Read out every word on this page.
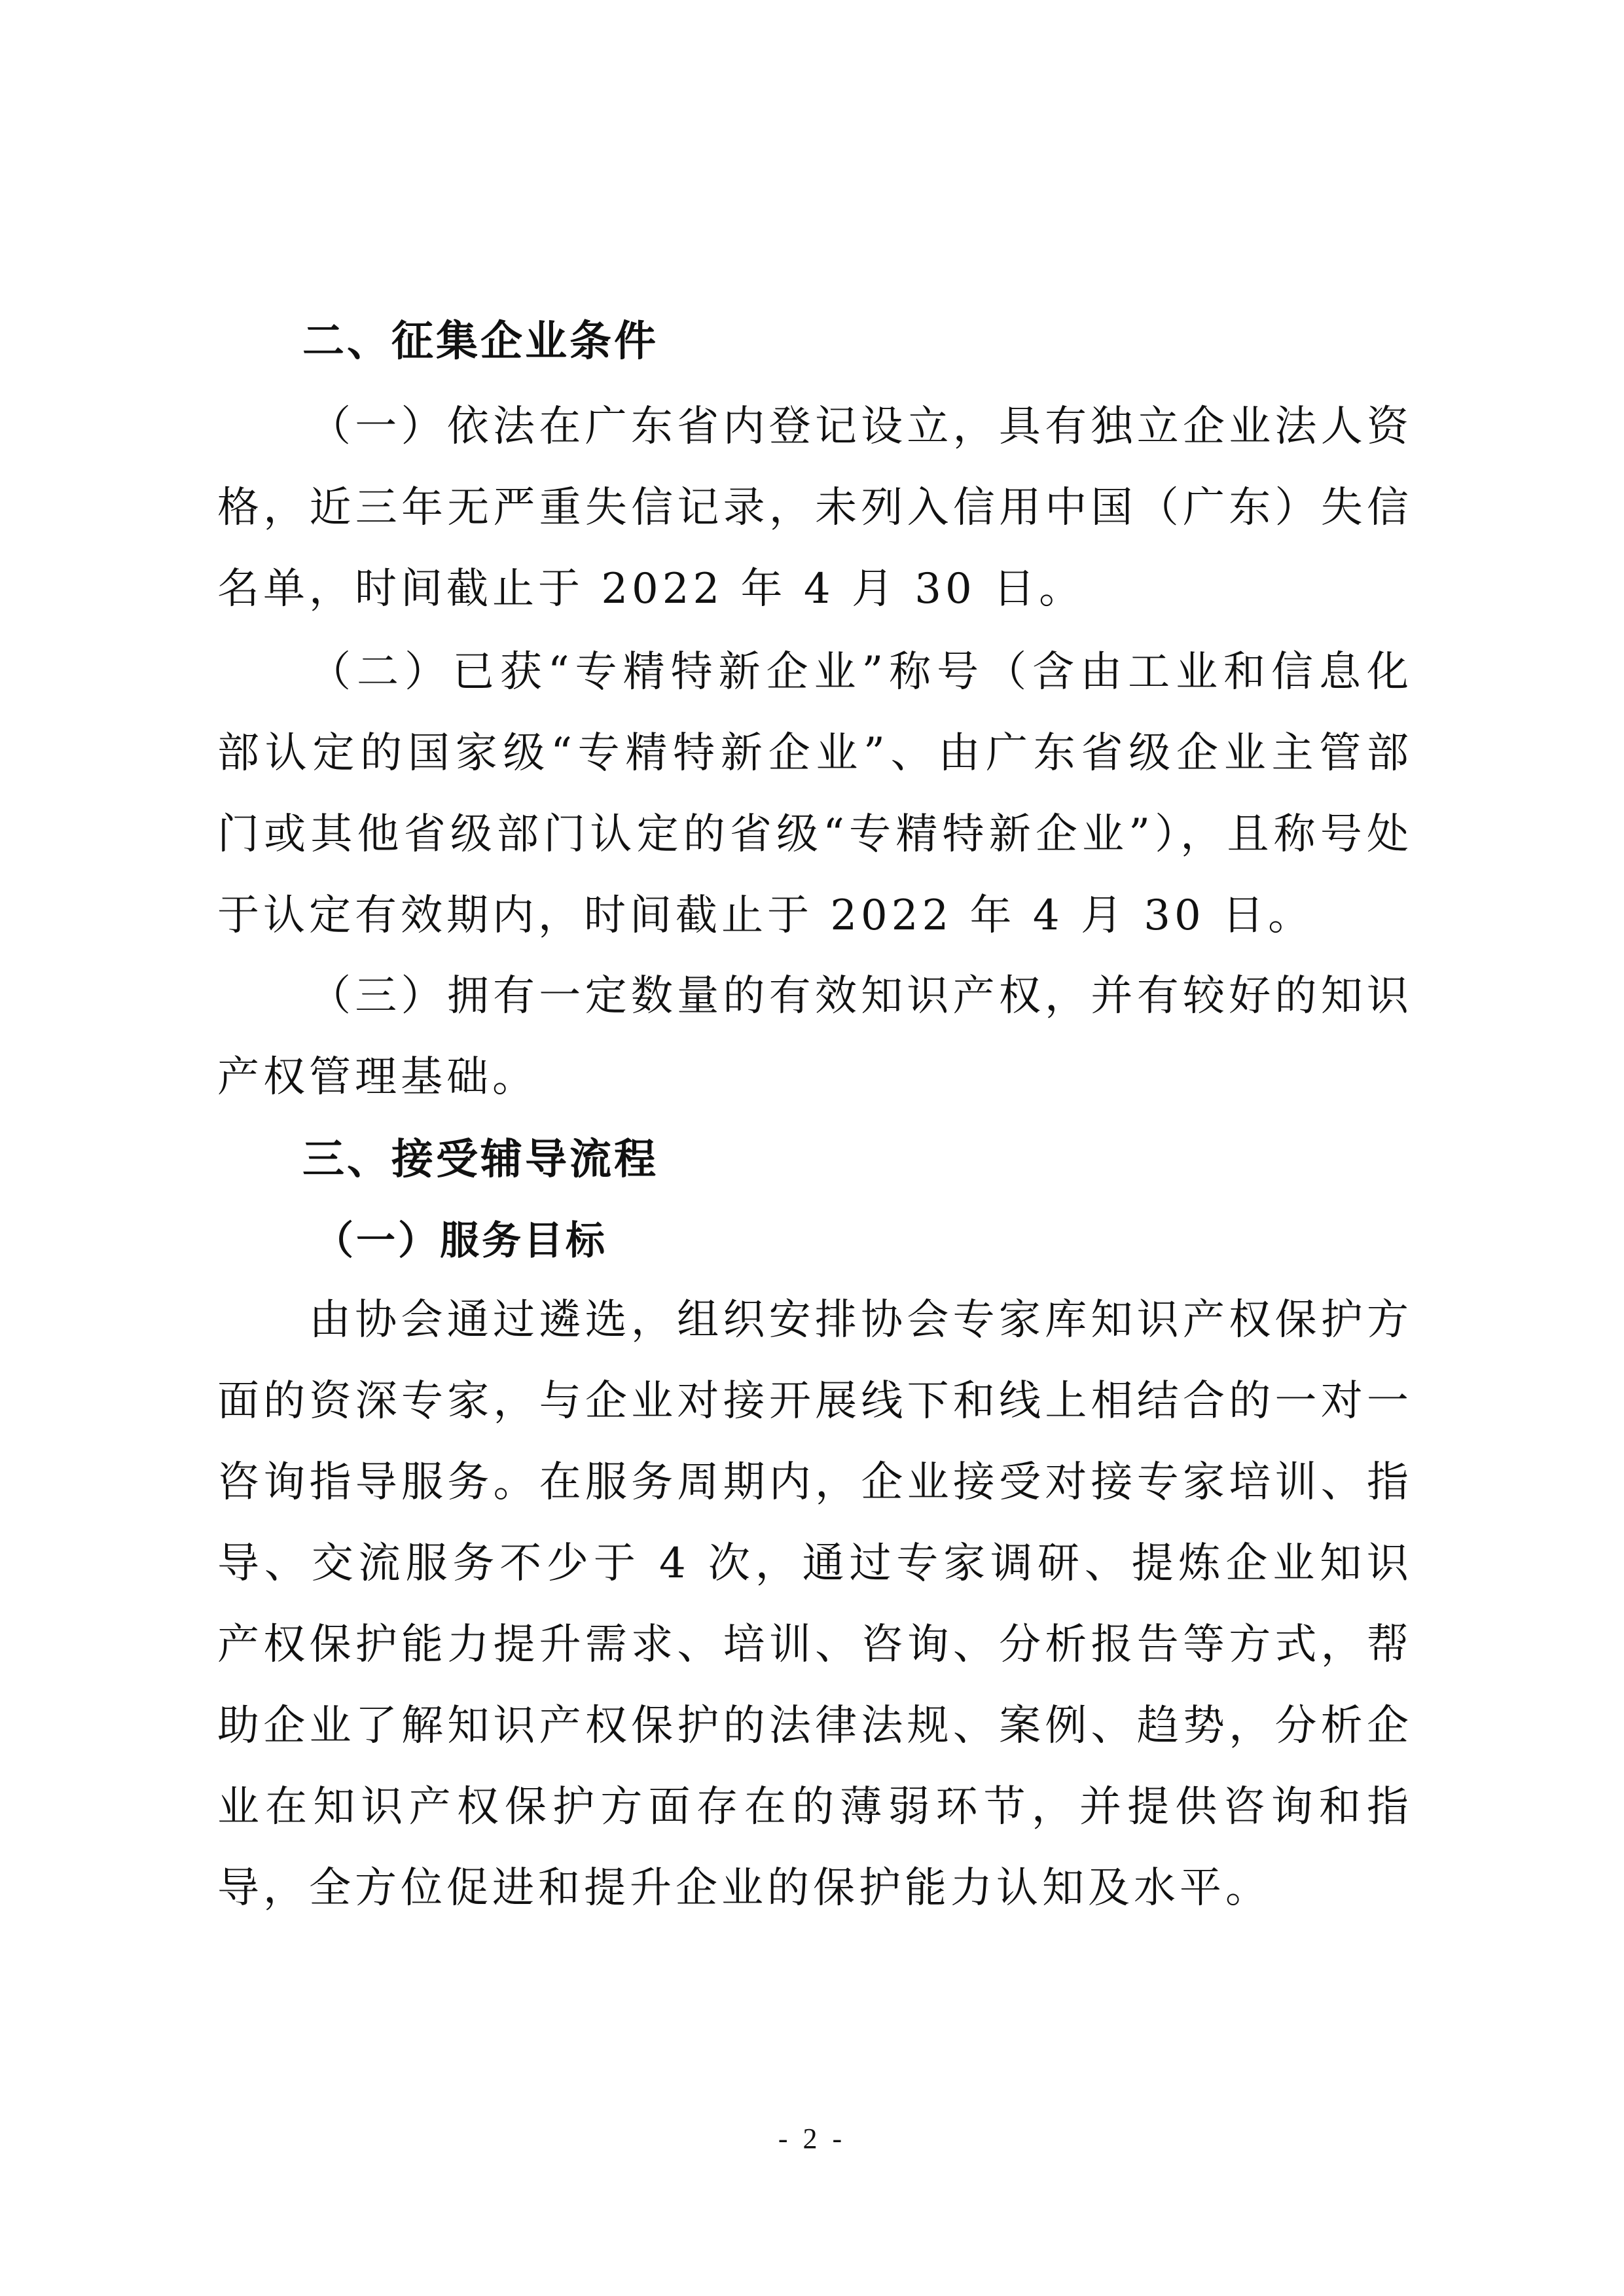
二、征集企业条件

（一）依法在广东省内登记设立，具有独立企业法人资格，近三年无严重失信记录，未列入信用中国（广东）失信名单，时间截止于 2022 年 4 月 30 日。

（二）已获“专精特新企业”称号（含由工业和信息化部认定的国家级“专精特新企业”、由广东省级企业主管部门或其他省级部门认定的省级“专精特新企业”），且称号处于认定有效期内，时间截止于 2022 年 4 月 30 日。

（三）拥有一定数量的有效知识产权，并有较好的知识产权管理基础。

三、接受辅导流程
（一）服务目标

由协会通过遴选，组织安排协会专家库知识产权保护方面的资深专家，与企业对接开展线下和线上相结合的一对一咨询指导服务。在服务周期内，企业接受对接专家培训、指导、交流服务不少于 4 次，通过专家调研、提炼企业知识产权保护能力提升需求、培训、咨询、分析报告等方式，帮助企业了解知识产权保护的法律法规、案例、趋势，分析企业在知识产权保护方面存在的薄弱环节，并提供咨询和指导，全方位促进和提升企业的保护能力认知及水平。

- 2 -
